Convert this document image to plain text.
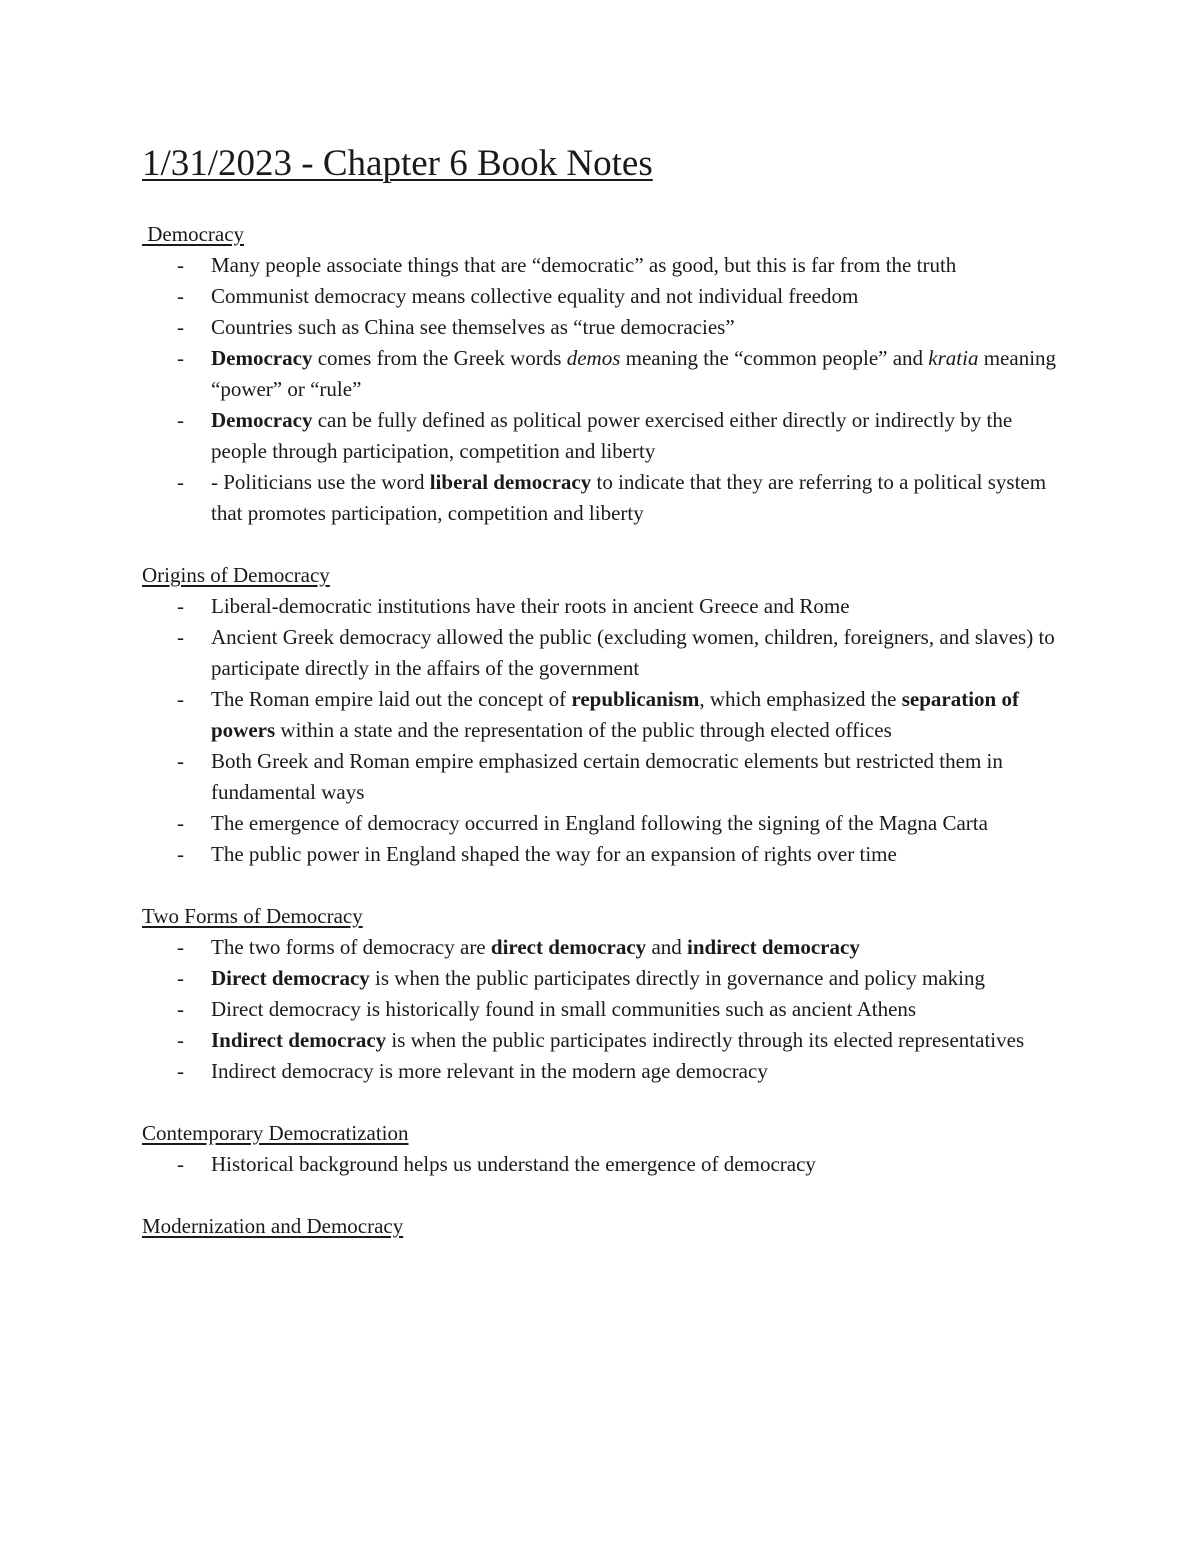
1/31/2023 - Chapter 6 Book Notes
Democracy
- Many people associate things that are “democratic” as good, but this is far from the truth
- Communist democracy means collective equality and not individual freedom
- Countries such as China see themselves as “true democracies”
- Democracy comes from the Greek words demos meaning the “common people” and kratia meaning “power” or “rule”
- Democracy can be fully defined as political power exercised either directly or indirectly by the people through participation, competition and liberty
- - Politicians use the word liberal democracy to indicate that they are referring to a political system that promotes participation, competition and liberty
Origins of Democracy
- Liberal-democratic institutions have their roots in ancient Greece and Rome
- Ancient Greek democracy allowed the public (excluding women, children, foreigners, and slaves) to participate directly in the affairs of the government
- The Roman empire laid out the concept of republicanism, which emphasized the separation of powers within a state and the representation of the public through elected offices
- Both Greek and Roman empire emphasized certain democratic elements but restricted them in fundamental ways
- The emergence of democracy occurred in England following the signing of the Magna Carta
- The public power in England shaped the way for an expansion of rights over time
Two Forms of Democracy
- The two forms of democracy are direct democracy and indirect democracy
- Direct democracy is when the public participates directly in governance and policy making
- Direct democracy is historically found in small communities such as ancient Athens
- Indirect democracy is when the public participates indirectly through its elected representatives
- Indirect democracy is more relevant in the modern age democracy
Contemporary Democratization
- Historical background helps us understand the emergence of democracy
Modernization and Democracy
